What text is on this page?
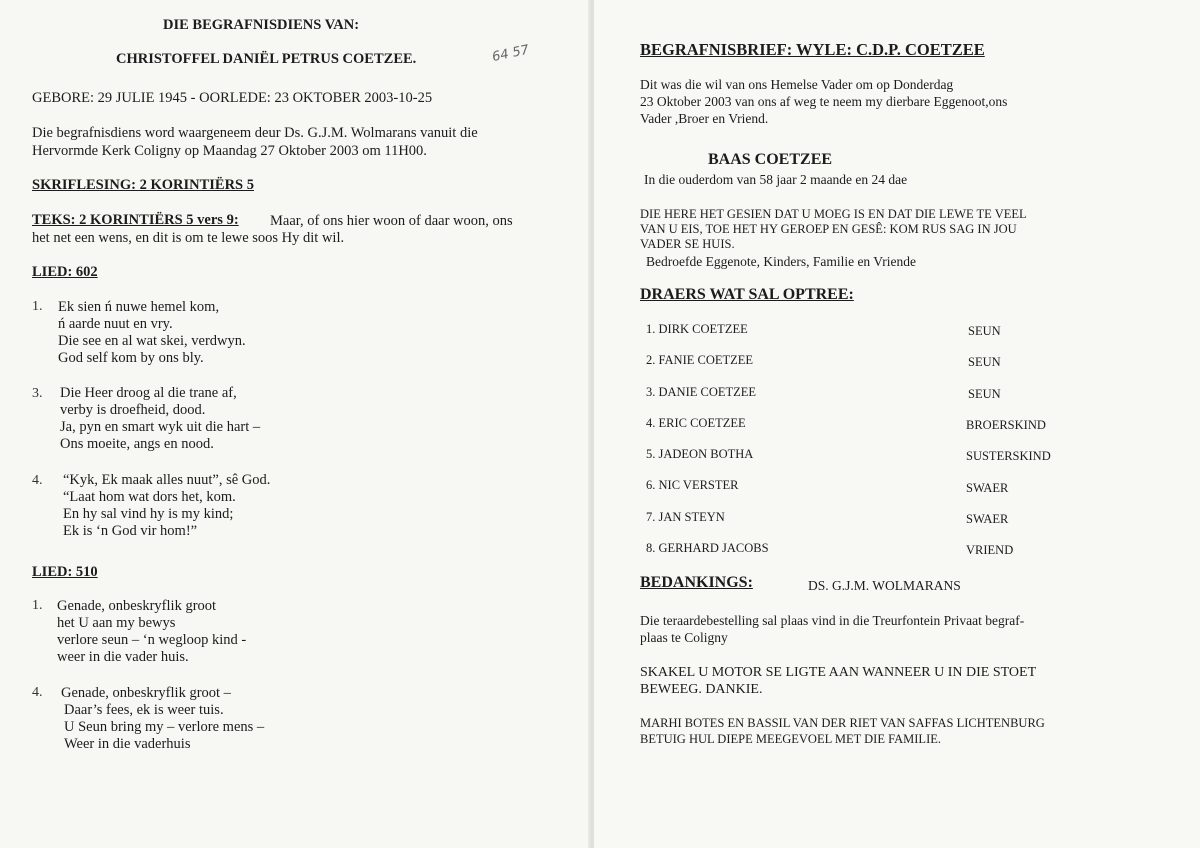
DIE BEGRAFNISDIENS VAN:
CHRISTOFFEL DANIËL PETRUS COETZEE.	64 57
GEBORE: 29 JULIE 1945 - OORLEDE: 23 OKTOBER 2003-10-25
Die begrafnisdiens word waargeneem deur Ds. G.J.M. Wolmarans vanuit die
Hervormde Kerk Coligny op Maandag 27 Oktober 2003 om 11H00.
SKRIFLESING: 2 KORINTIËRS 5
TEKS: 2 KORINTIËRS 5 vers 9: Maar, of ons hier woon of daar woon, ons
het net een wens, en dit is om te lewe soos Hy dit wil.
LIED: 602
1. Ek sien ń nuwe hemel kom,
ń aarde nuut en vry.
Die see en al wat skei, verdwyn.
God self kom by ons bly.
3. Die Heer droog al die trane af,
verby is droefheid, dood.
Ja, pyn en smart wyk uit die hart –
Ons moeite, angs en nood.
4. “Kyk, Ek maak alles nuut”, sê God.
“Laat hom wat dors het, kom.
En hy sal vind hy is my kind;
Ek is ‘n God vir hom!”
LIED: 510
1. Genade, onbeskryflik groot
het U aan my bewys
verlore seun – ‘n wegloop kind -
weer in die vader huis.
4. Genade, onbeskryflik groot –
Daar’s fees, ek is weer tuis.
U Seun bring my – verlore mens –
Weer in die vaderhuis
BEGRAFNISBRIEF: WYLE: C.D.P. COETZEE
Dit was die wil van ons Hemelse Vader om op Donderdag
23 Oktober 2003 van ons af weg te neem my dierbare Eggenoot,ons
Vader ,Broer en Vriend.
BAAS COETZEE
In die ouderdom van 58 jaar 2 maande en 24 dae
DIE HERE HET GESIEN DAT U MOEG IS EN DAT DIE LEWE TE VEEL
VAN U EIS, TOE HET HY GEROEP EN GESÊ: KOM RUS SAG IN JOU
VADER SE HUIS.
Bedroefde Eggenote, Kinders, Familie en Vriende
DRAERS WAT SAL OPTREE:
1. DIRK COETZEE	SEUN
2. FANIE COETZEE	SEUN
3. DANIE COETZEE	SEUN
4. ERIC COETZEE	BROERSKIND
5. JADEON BOTHA	SUSTERSKIND
6. NIC VERSTER	SWAER
7. JAN STEYN	SWAER
8. GERHARD JACOBS	VRIEND
BEDANKINGS:	DS. G.J.M. WOLMARANS
Die teraardebestelling sal plaas vind in die Treurfontein Privaat begraf-
plaas te Coligny
SKAKEL U MOTOR SE LIGTE AAN WANNEER U IN DIE STOET
BEWEEG. DANKIE.
MARHI BOTES EN BASSIL VAN DER RIET VAN SAFFAS LICHTENBURG
BETUIG HUL DIEPE MEEGEVOEL MET DIE FAMILIE.
